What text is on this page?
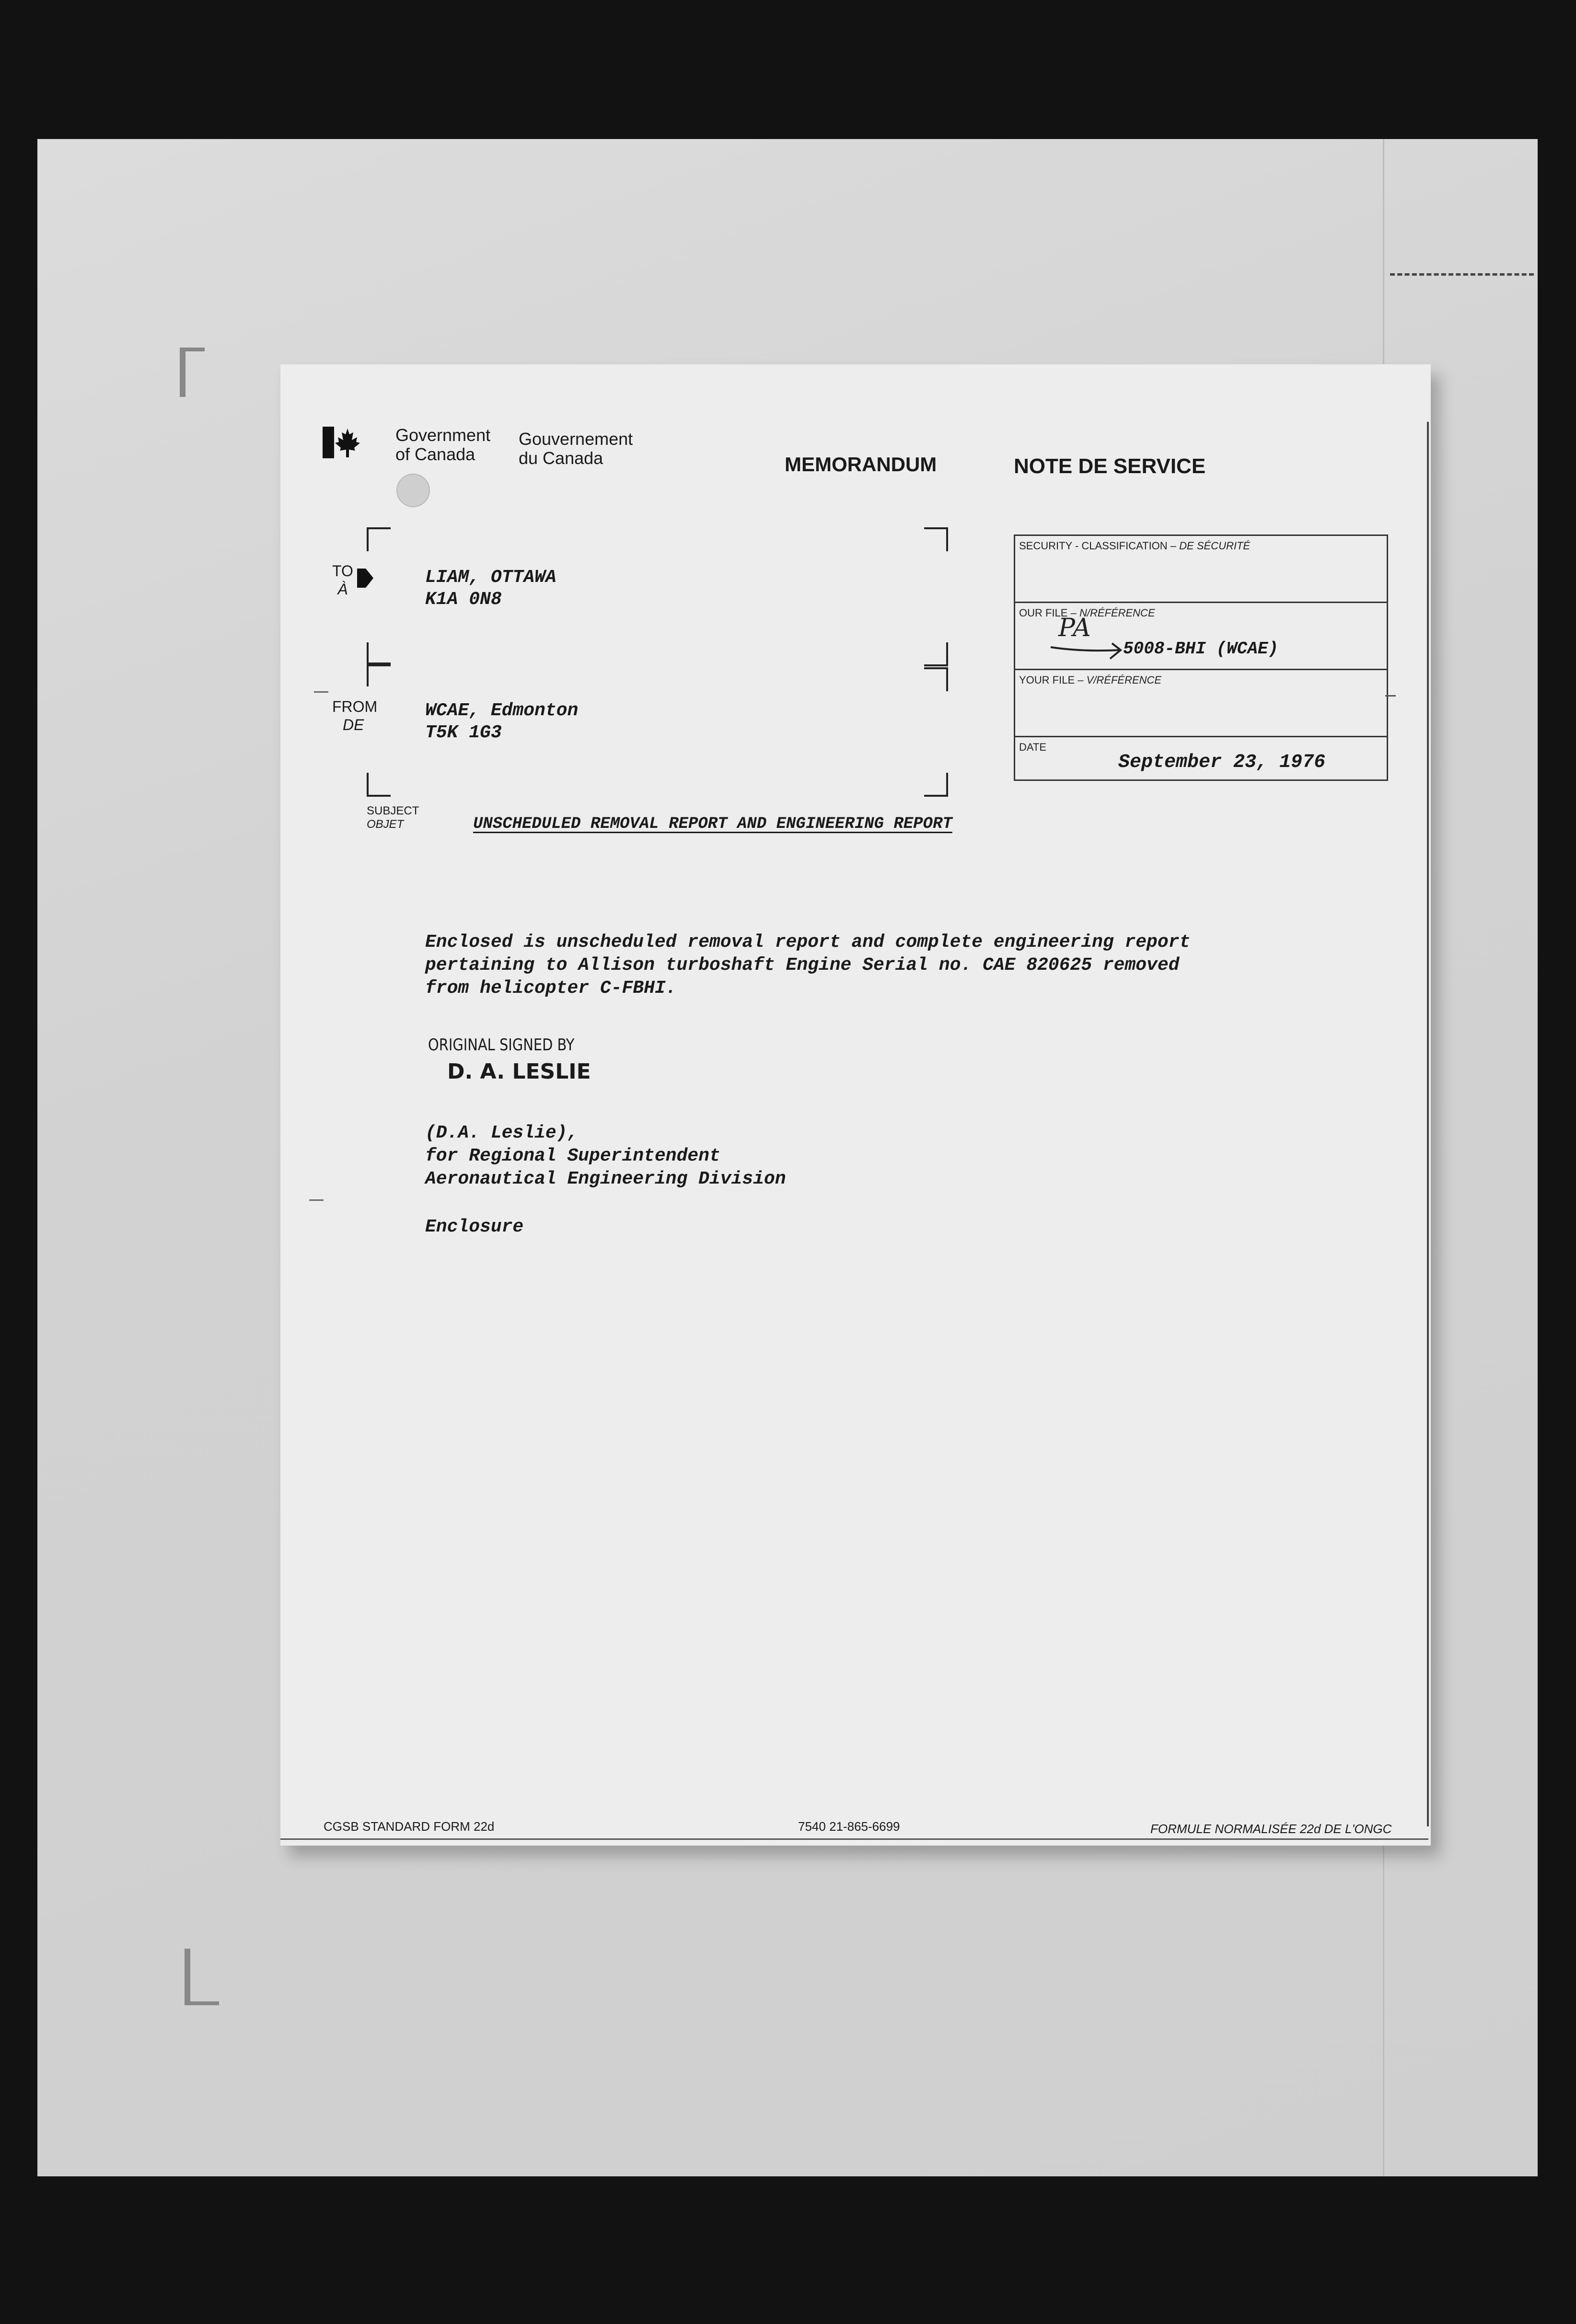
Government
of Canada
Gouvernement
du Canada	MEMORANDUM	NOTE DE SERVICE
TO
À
LIAM, OTTAWA
K1A 0N8
FROM
DE
WCAE, Edmonton
T5K 1G3
SECURITY - CLASSIFICATION – DE SÉCURITÉ
OUR FILE – N/RÉFÉRENCE
PA
5008-BHI (WCAE)
YOUR FILE – V/RÉFÉRENCE
DATE
September 23, 1976
SUBJECT
OBJET	UNSCHEDULED REMOVAL REPORT AND ENGINEERING REPORT
Enclosed is unscheduled removal report and complete engineering report
pertaining to Allison turboshaft Engine Serial no. CAE 820625 removed
from helicopter C-FBHI.
ORIGINAL SIGNED BY
D. A. LESLIE
(D.A. Leslie),
for Regional Superintendent
Aeronautical Engineering Division
Enclosure
CGSB STANDARD FORM 22d	7540 21-865-6699	FORMULE NORMALISÉE 22d DE L'ONGC
